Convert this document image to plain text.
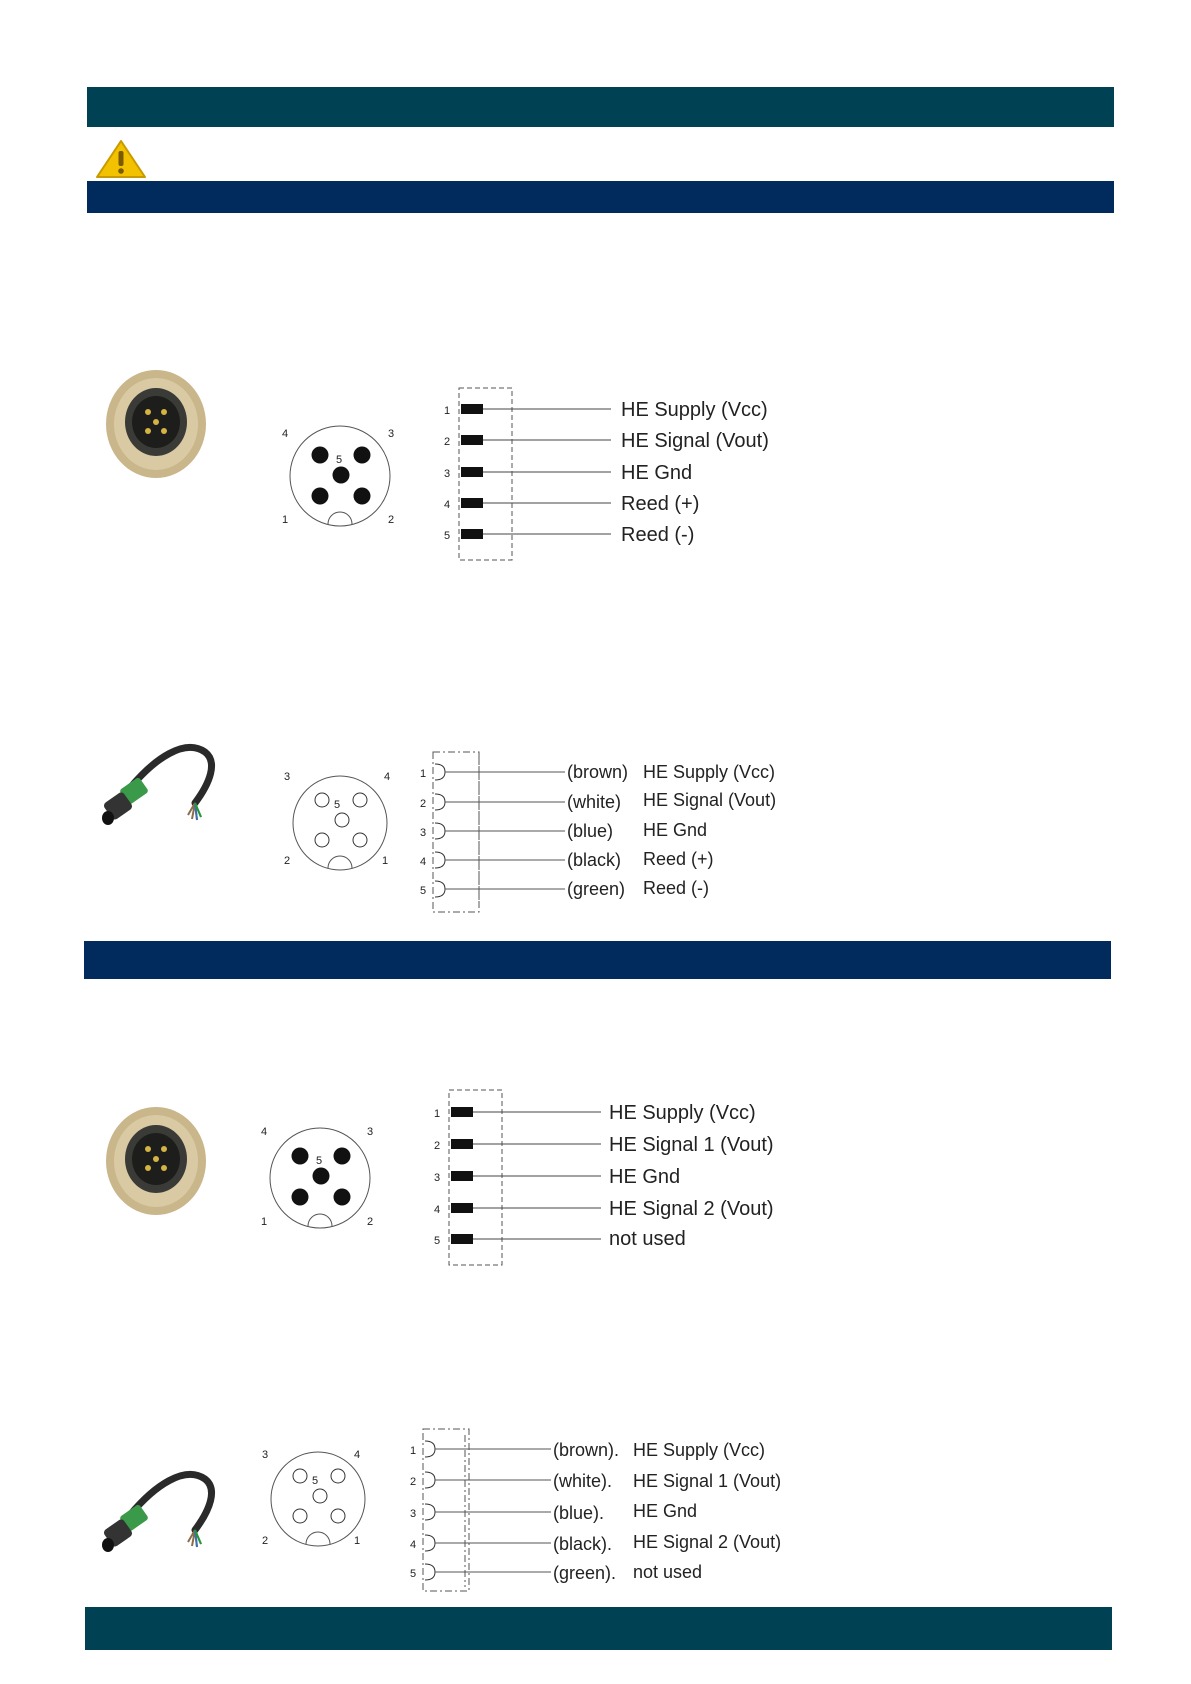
4	3
5
1	2
1	HE Supply (Vcc)
2	HE Signal (Vout)
3	HE Gnd
4	Reed (+)
5	Reed (-)
3	4
5
2	1
1	(brown) HE Supply (Vcc)
2	(white) HE Signal (Vout)
3	(blue) HE Gnd
4	(black) Reed (+)
5	(green) Reed (-)
4	3
5
1	2
1	HE Supply (Vcc)
2	HE Signal 1 (Vout)
3	HE Gnd
4	HE Signal 2 (Vout)
5	not used
3	4
5
2	1
1	(brown). HE Supply (Vcc)
2	(white). HE Signal 1 (Vout)
3	(blue). HE Gnd
4	(black). HE Signal 2 (Vout)
5	(green). not used
